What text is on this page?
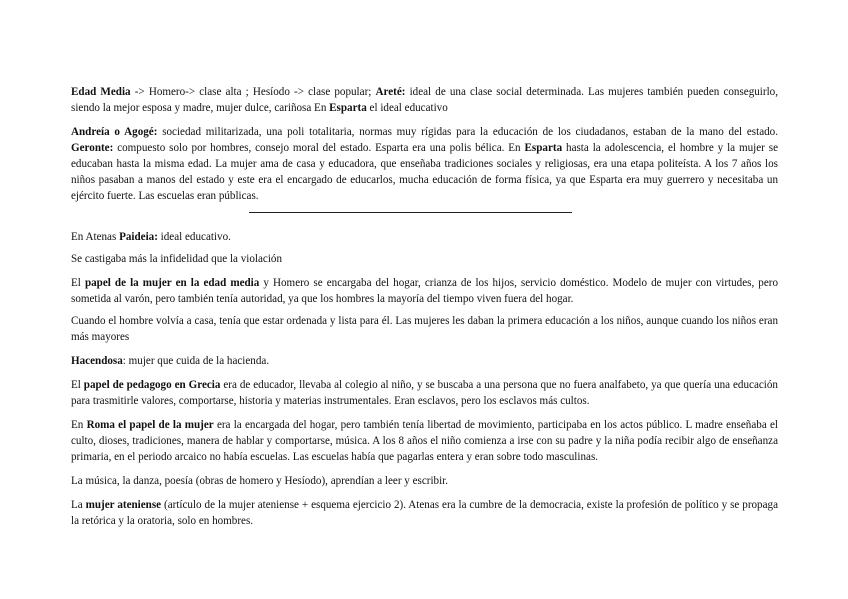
Edad Media -> Homero-> clase alta ; Hesíodo -> clase popular; Areté: ideal de una clase social determinada. Las mujeres también pueden conseguirlo, siendo la mejor esposa y madre, mujer dulce, cariñosa En Esparta el ideal educativo

Andreía o Agogé: sociedad militarizada, una poli totalitaria, normas muy rígidas para la educación de los ciudadanos, estaban de la mano del estado. Geronte: compuesto solo por hombres, consejo moral del estado. Esparta era una polis bélica. En Esparta hasta la adolescencia, el hombre y la mujer se educaban hasta la misma edad. La mujer ama de casa y educadora, que enseñaba tradiciones sociales y religiosas, era una etapa politeísta. A los 7 años los niños pasaban a manos del estado y este era el encargado de educarlos, mucha educación de forma física, ya que Esparta era muy guerrero y necesitaba un ejército fuerte. Las escuelas eran públicas.

En Atenas Paideia: ideal educativo.

Se castigaba más la infidelidad que la violación

El papel de la mujer en la edad media y Homero se encargaba del hogar, crianza de los hijos, servicio doméstico. Modelo de mujer con virtudes, pero sometida al varón, pero también tenía autoridad, ya que los hombres la mayoría del tiempo viven fuera del hogar.

Cuando el hombre volvía a casa, tenía que estar ordenada y lista para él. Las mujeres les daban la primera educación a los niños, aunque cuando los niños eran más mayores

Hacendosa: mujer que cuida de la hacienda.

El papel de pedagogo en Grecia era de educador, llevaba al colegio al niño, y se buscaba a una persona que no fuera analfabeto, ya que quería una educación para trasmitirle valores, comportarse, historia y materias instrumentales. Eran esclavos, pero los esclavos más cultos.

En Roma el papel de la mujer era la encargada del hogar, pero también tenía libertad de movimiento, participaba en los actos público. L madre enseñaba el culto, dioses, tradiciones, manera de hablar y comportarse, música. A los 8 años el niño comienza a irse con su padre y la niña podía recibir algo de enseñanza primaria, en el periodo arcaico no había escuelas. Las escuelas había que pagarlas entera y eran sobre todo masculinas.

La música, la danza, poesía (obras de homero y Hesíodo), aprendían a leer y escribir.

La mujer ateniense (artículo de la mujer ateniense + esquema ejercicio 2). Atenas era la cumbre de la democracia, existe la profesión de político y se propaga la retórica y la oratoria, solo en hombres.
